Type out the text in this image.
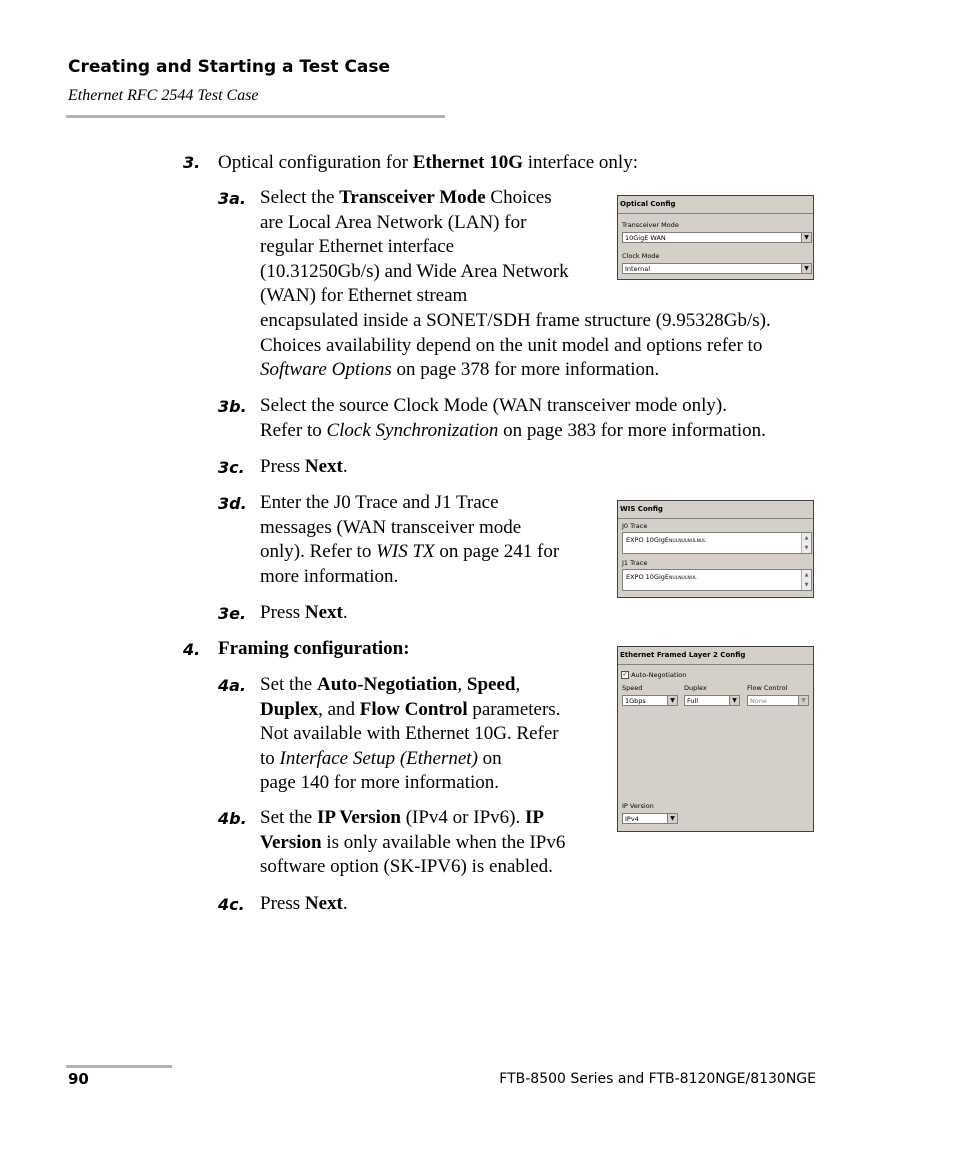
Creating and Starting a Test Case
Ethernet RFC 2544 Test Case
3. Optical configuration for Ethernet 10G interface only:
3a. Select the Transceiver Mode Choices
are Local Area Network (LAN) for
regular Ethernet interface
(10.31250Gb/s) and Wide Area Network
(WAN) for Ethernet stream
encapsulated inside a SONET/SDH frame structure (9.95328Gb/s).
Choices availability depend on the unit model and options refer to
Software Options on page 378 for more information.
Optical Config
Transceiver Mode
10GigE WAN	▼
Clock Mode
Internal	▼
3b. Select the source Clock Mode (WAN transceiver mode only).
Refer to Clock Synchronization on page 383 for more information.
3c. Press Next.
3d. Enter the J0 Trace and J1 Trace
messages (WAN transceiver mode
only). Refer to WIS TX on page 241 for
more information.
WIS Config
J0 Trace
EXPO 10GigENULNULNULNUL
▲
▼
J1 Trace
EXPO 10GigENULNULNUL
▲
▼
3e. Press Next.
4. Framing configuration:
4a. Set the Auto-Negotiation, Speed,
Duplex, and Flow Control parameters.
Not available with Ethernet 10G. Refer
to Interface Setup (Ethernet) on
page 140 for more information.
Ethernet Framed Layer 2 Config
✓ Auto-Negotiation
Speed
1Gbps	▼
Duplex
Full	▼
Flow Control
None	▼
IP Version
IPv4	▼
4b. Set the IP Version (IPv4 or IPv6). IP
Version is only available when the IPv6
software option (SK-IPV6) is enabled.
4c. Press Next.
90	FTB-8500 Series and FTB-8120NGE/8130NGE
